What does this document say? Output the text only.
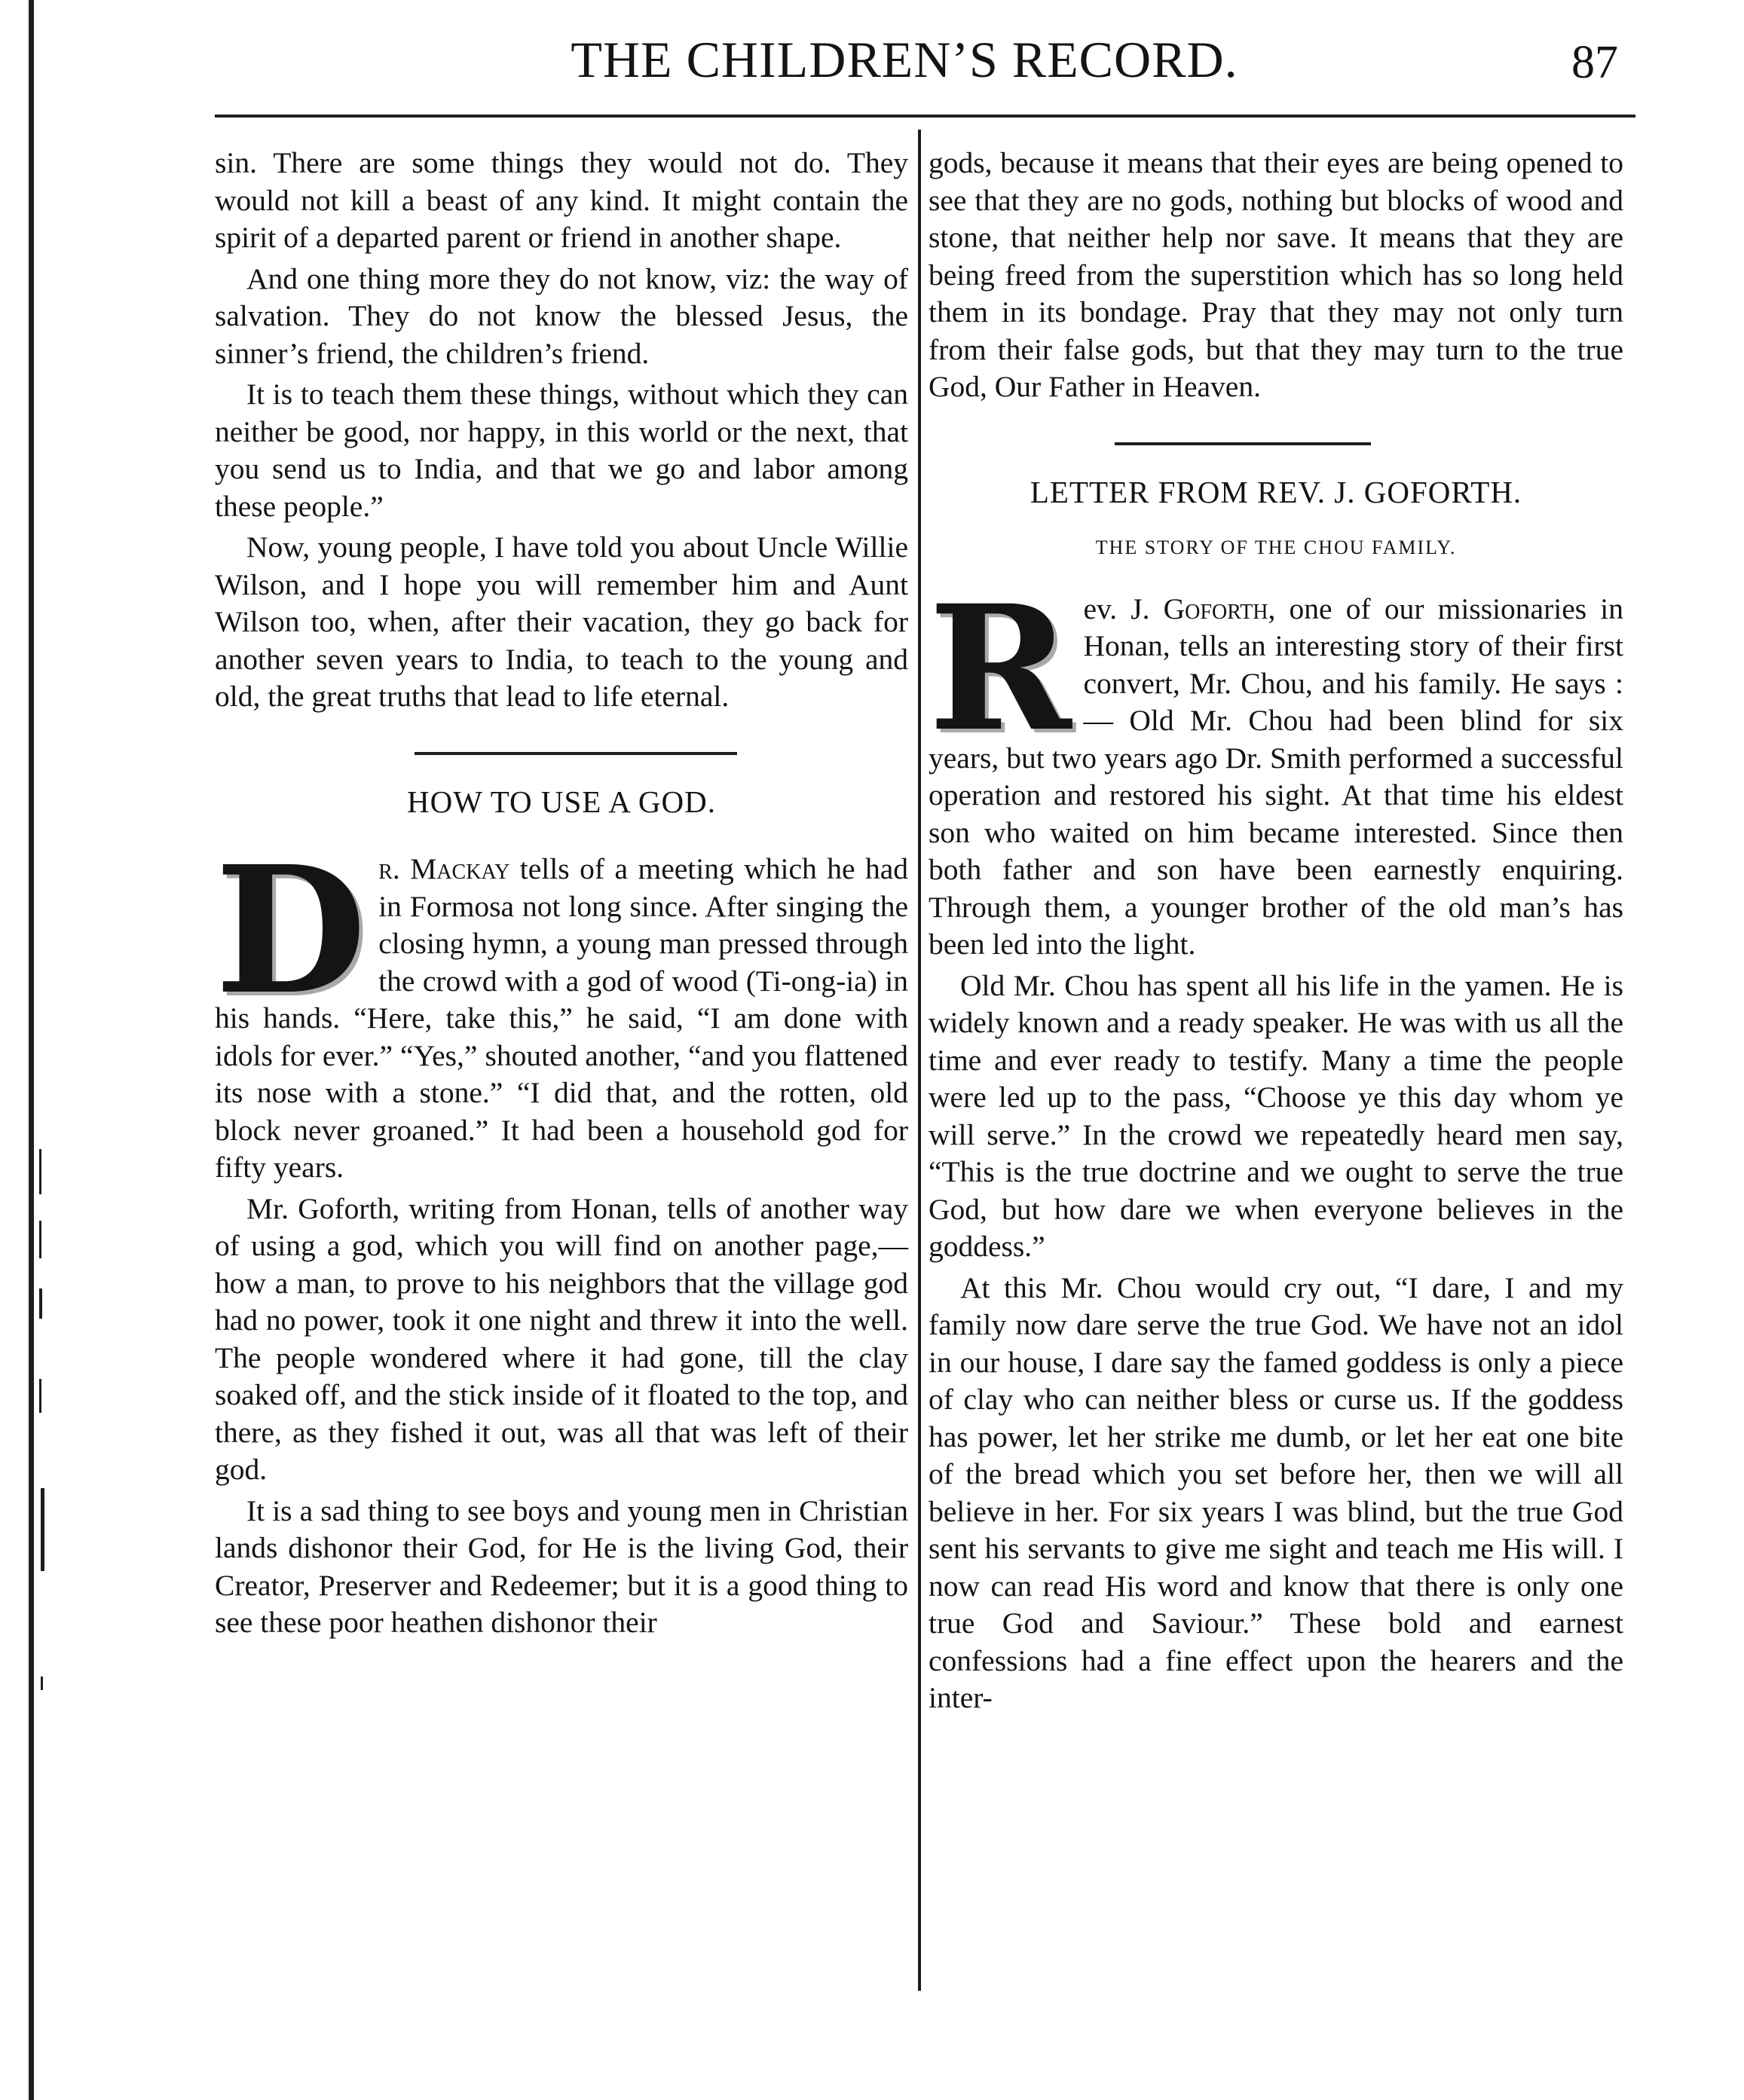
THE CHILDREN’S RECORD.	87

sin. There are some things they would not do. They would not kill a beast of any kind. It might contain the spirit of a departed parent or friend in another shape.

And one thing more they do not know, viz: the way of salvation. They do not know the blessed Jesus, the sinner’s friend, the children’s friend.

It is to teach them these things, without which they can neither be good, nor happy, in this world or the next, that you send us to India, and that we go and labor among these people.”

Now, young people, I have told you about Uncle Willie Wilson, and I hope you will remember him and Aunt Wilson too, when, after their vacation, they go back for another seven years to India, to teach to the young and old, the great truths that lead to life eternal.

HOW TO USE A GOD.

Dr. Mackay tells of a meeting which he had in Formosa not long since. After singing the closing hymn, a young man pressed through the crowd with a god of wood (Ti-ong-ia) in his hands. “Here, take this,” he said, “I am done with idols for ever.” “Yes,” shouted another, “and you flattened its nose with a stone.” “I did that, and the rotten, old block never groaned.” It had been a household god for fifty years.

Mr. Goforth, writing from Honan, tells of another way of using a god, which you will find on another page,—how a man, to prove to his neighbors that the village god had no power, took it one night and threw it into the well. The people wondered where it had gone, till the clay soaked off, and the stick inside of it floated to the top, and there, as they fished it out, was all that was left of their god.

It is a sad thing to see boys and young men in Christian lands dishonor their God, for He is the living God, their Creator, Preserver and Redeemer; but it is a good thing to see these poor heathen dishonor their

gods, because it means that their eyes are being opened to see that they are no gods, nothing but blocks of wood and stone, that neither help nor save. It means that they are being freed from the superstition which has so long held them in its bondage. Pray that they may not only turn from their false gods, but that they may turn to the true God, Our Father in Heaven.

LETTER FROM REV. J. GOFORTH.
THE STORY OF THE CHOU FAMILY.

Rev. J. Goforth, one of our missionaries in Honan, tells an interesting story of their first convert, Mr. Chou, and his family. He says :— Old Mr. Chou had been blind for six years, but two years ago Dr. Smith performed a successful operation and restored his sight. At that time his eldest son who waited on him became interested. Since then both father and son have been earnestly enquiring. Through them, a younger brother of the old man’s has been led into the light.

Old Mr. Chou has spent all his life in the yamen. He is widely known and a ready speaker. He was with us all the time and ever ready to testify. Many a time the people were led up to the pass, “Choose ye this day whom ye will serve.” In the crowd we repeatedly heard men say, “This is the true doctrine and we ought to serve the true God, but how dare we when everyone believes in the goddess.”

At this Mr. Chou would cry out, “I dare, I and my family now dare serve the true God. We have not an idol in our house, I dare say the famed goddess is only a piece of clay who can neither bless or curse us. If the goddess has power, let her strike me dumb, or let her eat one bite of the bread which you set before her, then we will all believe in her. For six years I was blind, but the true God sent his servants to give me sight and teach me His will. I now can read His word and know that there is only one true God and Saviour.” These bold and earnest confessions had a fine effect upon the hearers and the inter-
